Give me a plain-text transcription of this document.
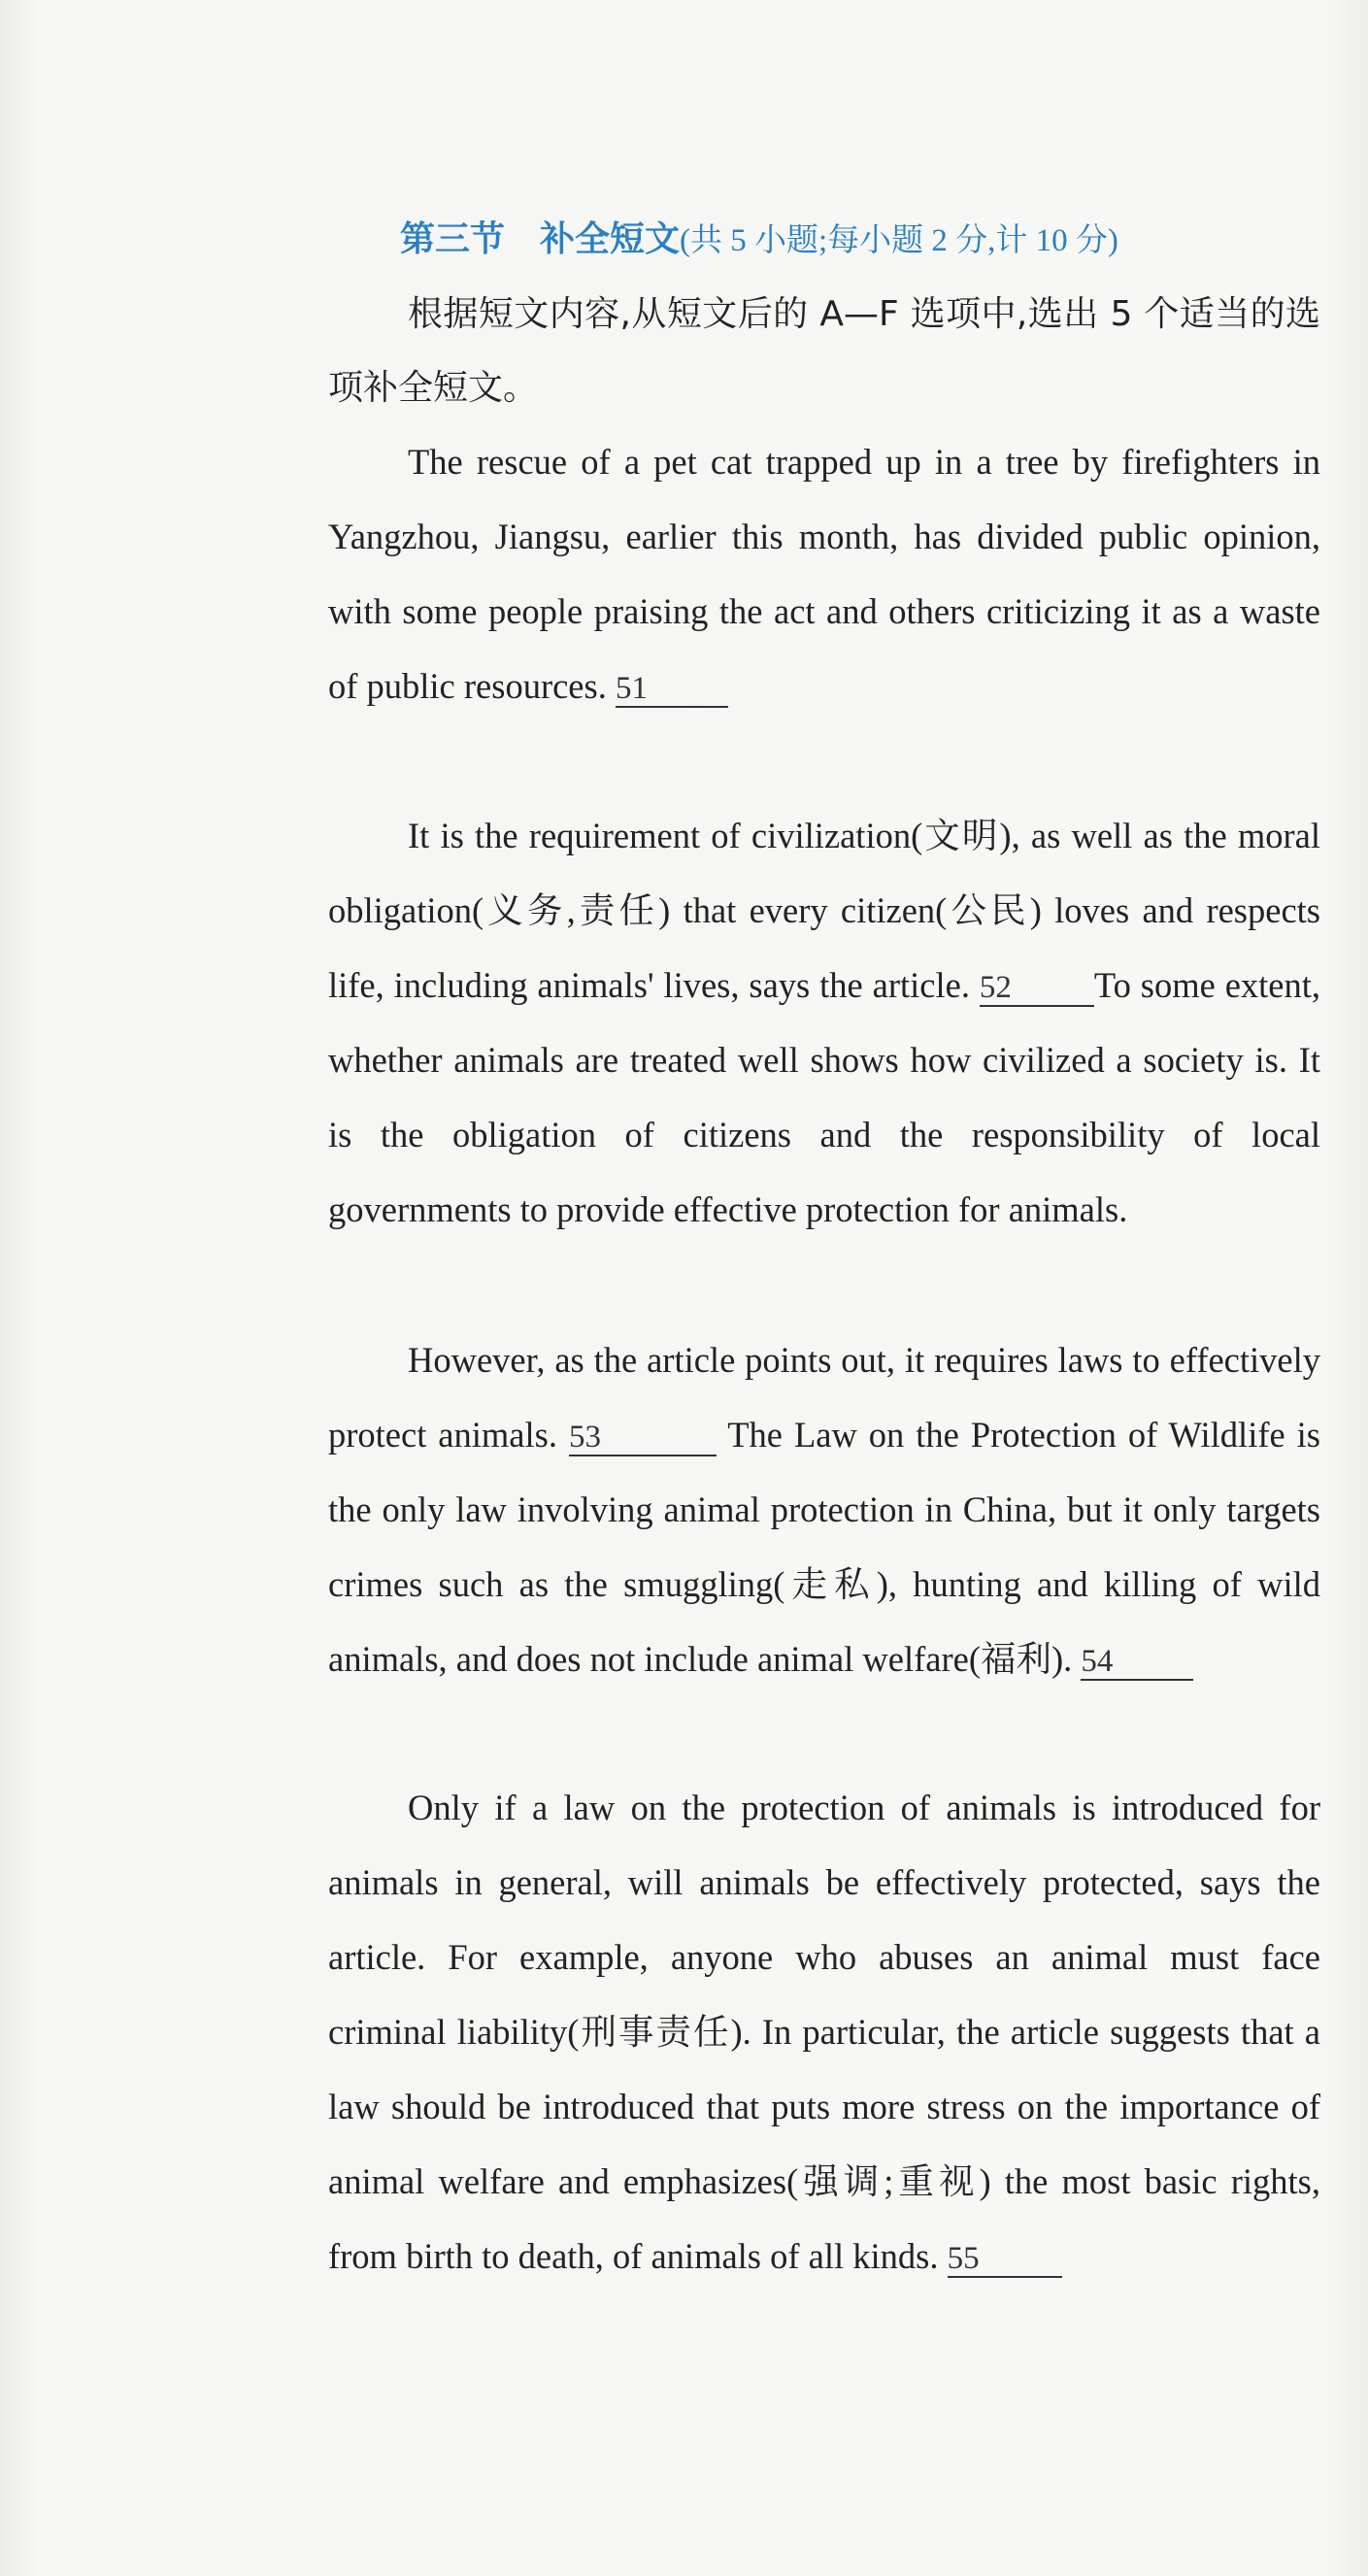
第三节　补全短文(共 5 小题;每小题 2 分,计 10 分)
根据短文内容,从短文后的 A—F 选项中,选出 5 个适当的选项补全短文。

The rescue of a pet cat trapped up in a tree by firefighters in Yangzhou, Jiangsu, earlier this month, has divided public opinion, with some people praising the act and others criticizing it as a waste of public resources. 51

It is the requirement of civilization(文明), as well as the moral obligation(义务,责任) that every citizen(公民) loves and respects life, including animals' lives, says the article. 52 To some extent, whether animals are treated well shows how civilized a society is. It is the obligation of citizens and the responsibility of local governments to provide effective protection for animals.

However, as the article points out, it requires laws to effectively protect animals. 53	The Law on the Protection of Wildlife is the only law involving animal protection in China, but it only targets crimes such as the smuggling(走私), hunting and killing of wild animals, and does not include animal welfare(福利). 54

Only if a law on the protection of animals is introduced for animals in general, will animals be effectively protected, says the article. For example, anyone who abuses an animal must face criminal liability(刑事责任). In particular, the article suggests that a law should be introduced that puts more stress on the importance of animal welfare and emphasizes(强调;重视) the most basic rights, from birth to death, of animals of all kinds. 55
